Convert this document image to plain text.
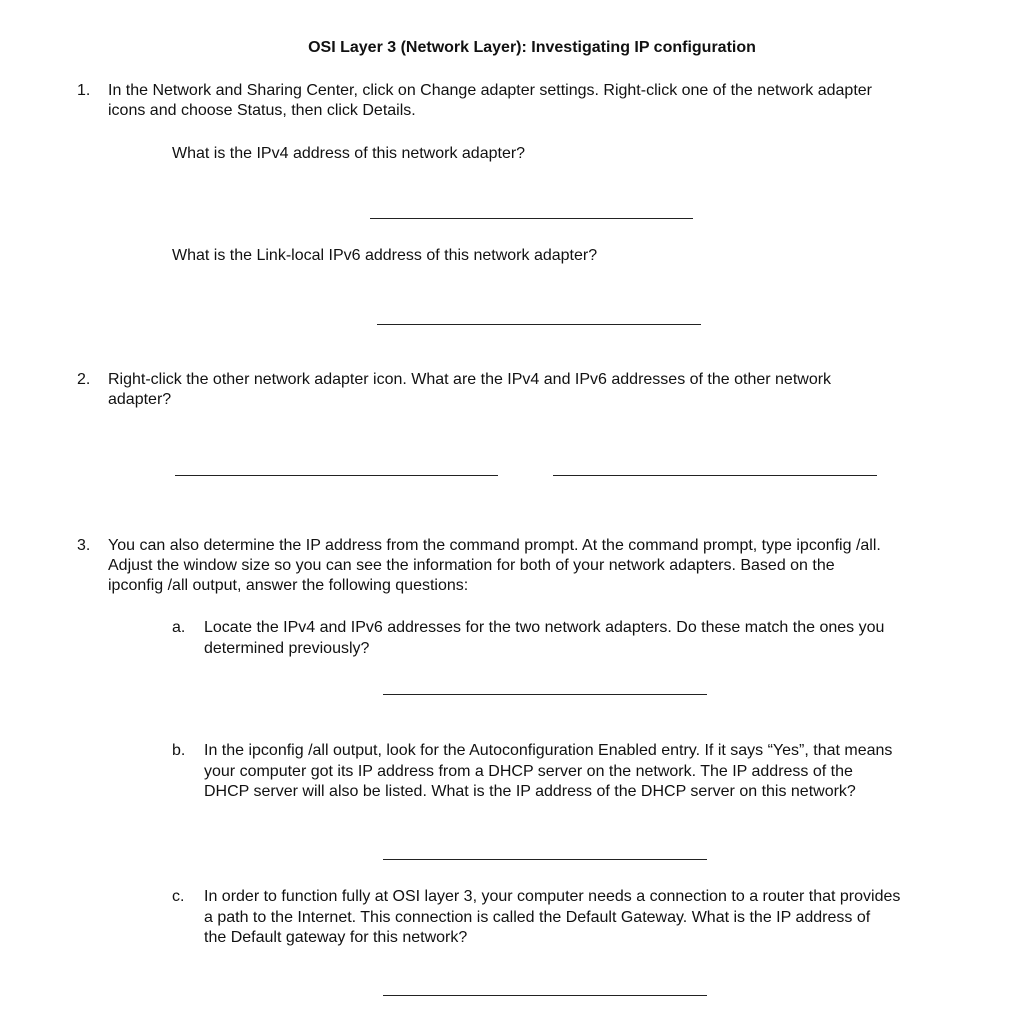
OSI Layer 3 (Network Layer): Investigating IP configuration
1.	In the Network and Sharing Center, click on Change adapter settings. Right-click one of the network adapter
icons and choose Status, then click Details.
What is the IPv4 address of this network adapter?
What is the Link-local IPv6 address of this network adapter?
2.	Right-click the other network adapter icon. What are the IPv4 and IPv6 addresses of the other network
adapter?
3.	You can also determine the IP address from the command prompt. At the command prompt, type ipconfig /all.
Adjust the window size so you can see the information for both of your network adapters. Based on the
ipconfig /all output, answer the following questions:
a.	Locate the IPv4 and IPv6 addresses for the two network adapters. Do these match the ones you
determined previously?
b.	In the ipconfig /all output, look for the Autoconfiguration Enabled entry. If it says “Yes”, that means
your computer got its IP address from a DHCP server on the network. The IP address of the
DHCP server will also be listed. What is the IP address of the DHCP server on this network?
c.	In order to function fully at OSI layer 3, your computer needs a connection to a router that provides
a path to the Internet. This connection is called the Default Gateway. What is the IP address of
the Default gateway for this network?
